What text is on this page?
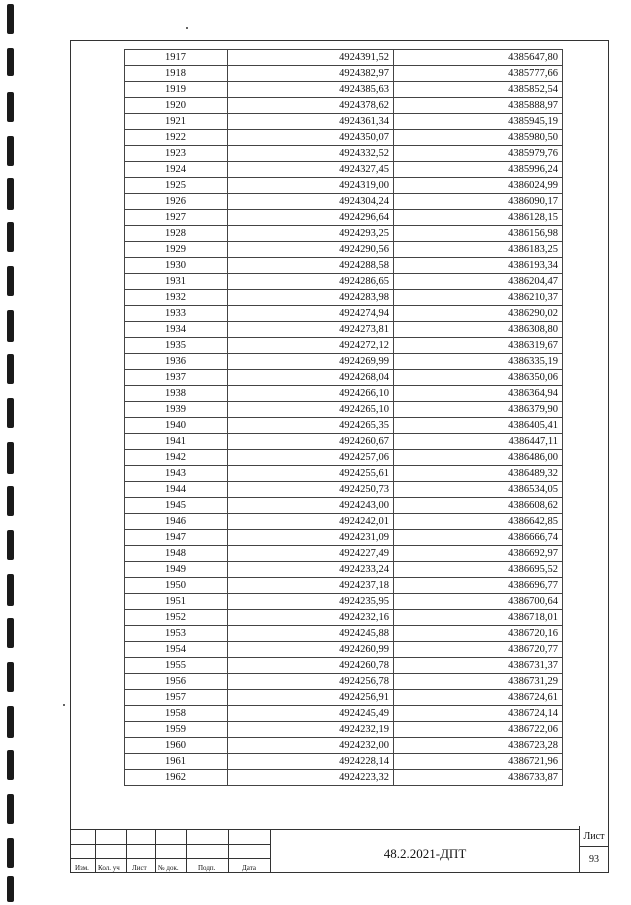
1917	4924391,52	4385647,80
1918	4924382,97	4385777,66
1919	4924385,63	4385852,54
1920	4924378,62	4385888,97
1921	4924361,34	4385945,19
1922	4924350,07	4385980,50
1923	4924332,52	4385979,76
1924	4924327,45	4385996,24
1925	4924319,00	4386024,99
1926	4924304,24	4386090,17
1927	4924296,64	4386128,15
1928	4924293,25	4386156,98
1929	4924290,56	4386183,25
1930	4924288,58	4386193,34
1931	4924286,65	4386204,47
1932	4924283,98	4386210,37
1933	4924274,94	4386290,02
1934	4924273,81	4386308,80
1935	4924272,12	4386319,67
1936	4924269,99	4386335,19
1937	4924268,04	4386350,06
1938	4924266,10	4386364,94
1939	4924265,10	4386379,90
1940	4924265,35	4386405,41
1941	4924260,67	4386447,11
1942	4924257,06	4386486,00
1943	4924255,61	4386489,32
1944	4924250,73	4386534,05
1945	4924243,00	4386608,62
1946	4924242,01	4386642,85
1947	4924231,09	4386666,74
1948	4924227,49	4386692,97
1949	4924233,24	4386695,52
1950	4924237,18	4386696,77
1951	4924235,95	4386700,64
1952	4924232,16	4386718,01
1953	4924245,88	4386720,16
1954	4924260,99	4386720,77
1955	4924260,78	4386731,37
1956	4924256,78	4386731,29
1957	4924256,91	4386724,61
1958	4924245,49	4386724,14
1959	4924232,19	4386722,06
1960	4924232,00	4386723,28
1961	4924228,14	4386721,96
1962	4924223,32	4386733,87
Изм. Кол. уч Лист № док.	Подп.	Дата
48.2.2021-ДПТ
Лист
93
